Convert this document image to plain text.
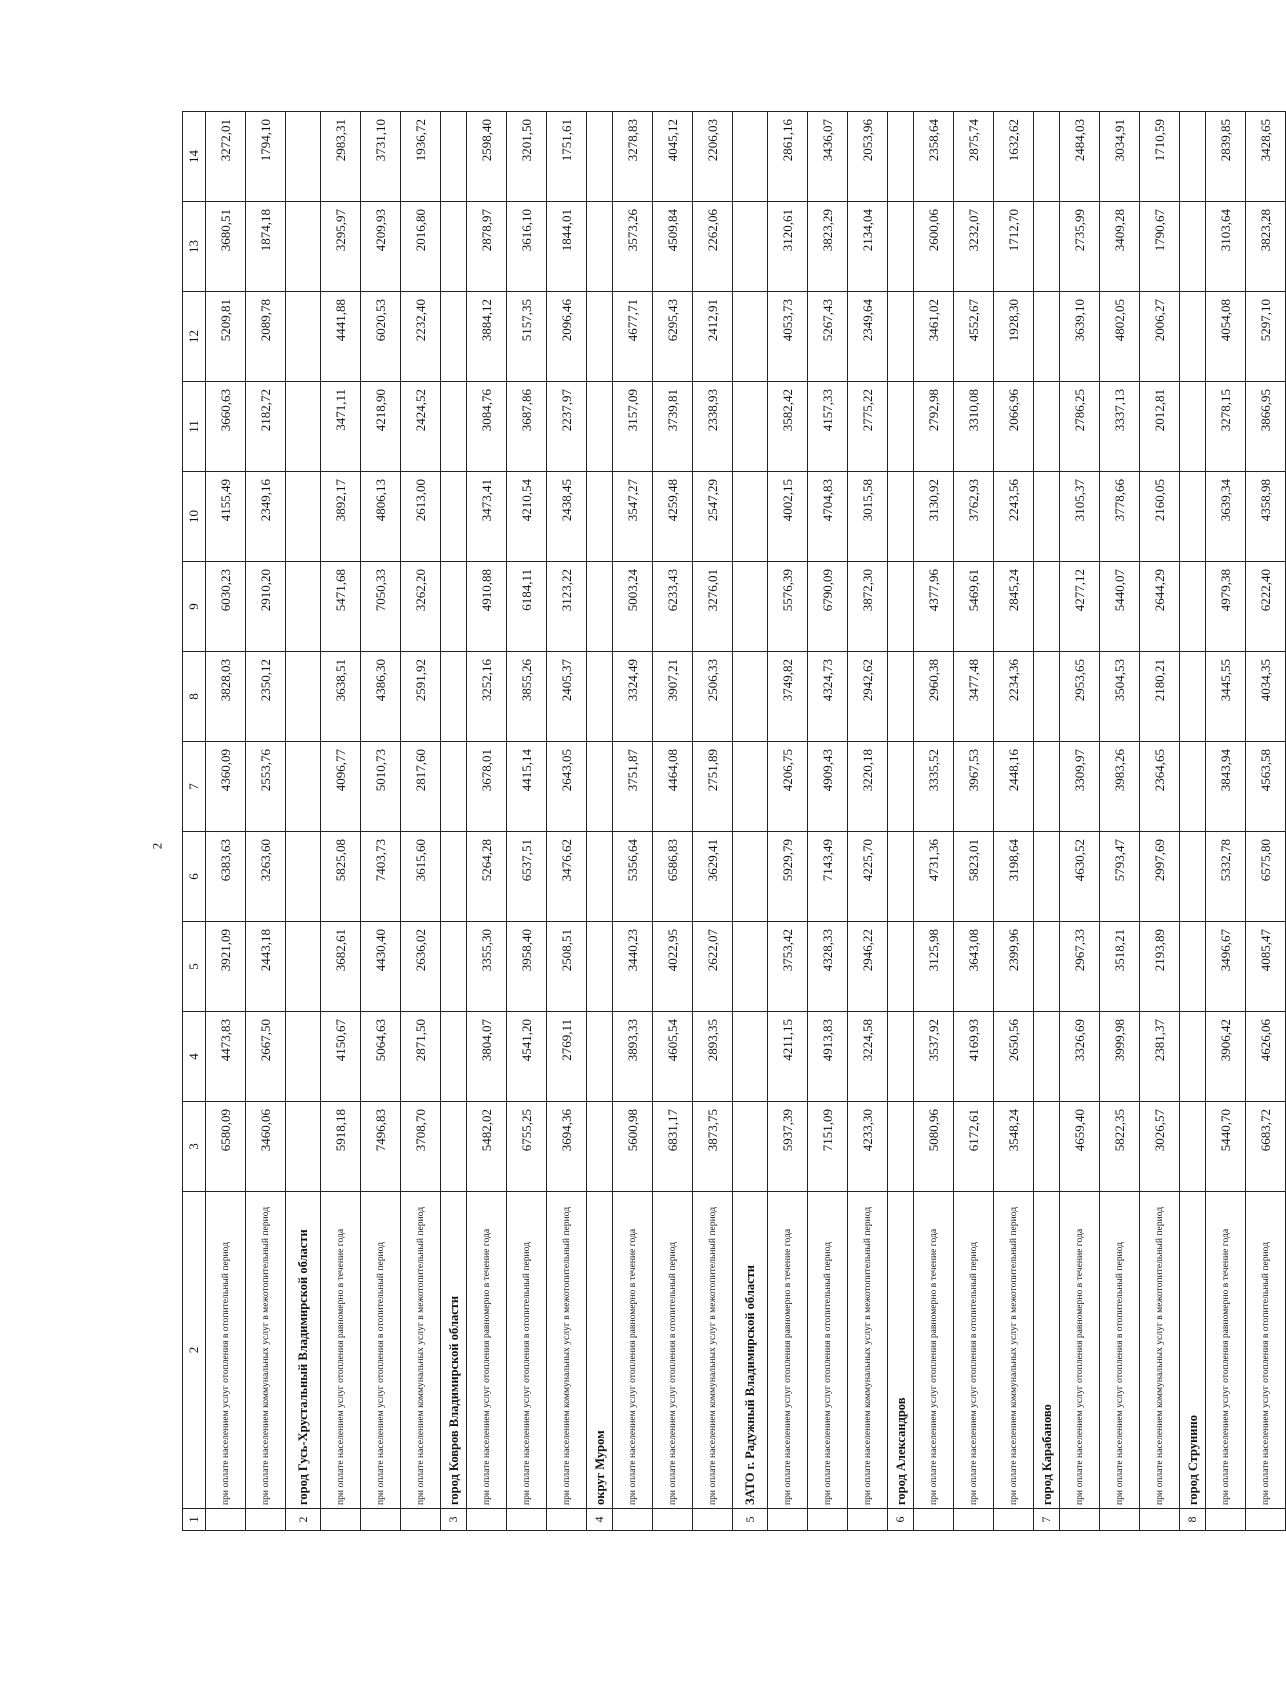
2
1	2	3	4	5	6	7	8	9	10	11	12	13	14
	при оплате населением услуг отопления в отопительный период	6580,09	4473,83	3921,09	6383,63	4360,09	3828,03	6030,23	4155,49	3660,63	5209,81	3680,51	3272,01
	при оплате населением коммунальных услуг в межотопительный период	3460,06	2667,50	2443,18	3263,60	2553,76	2350,12	2910,20	2349,16	2182,72	2089,78	1874,18	1794,10
2	город Гусь-Хрустальный Владимирской области												
	при оплате населением услуг отопления равномерно в течение года	5918,18	4150,67	3682,61	5825,08	4096,77	3638,51	5471,68	3892,17	3471,11	4441,88	3295,97	2983,31
	при оплате населением услуг отопления в отопительный период	7496,83	5064,63	4430,40	7403,73	5010,73	4386,30	7050,33	4806,13	4218,90	6020,53	4209,93	3731,10
	при оплате населением коммунальных услуг в межотопительный период	3708,70	2871,50	2636,02	3615,60	2817,60	2591,92	3262,20	2613,00	2424,52	2232,40	2016,80	1936,72
3	город Ковров Владимирской области												
	при оплате населением услуг отопления равномерно в течение года	5482,02	3804,07	3355,30	5264,28	3678,01	3252,16	4910,88	3473,41	3084,76	3884,12	2878,97	2598,40
	при оплате населением услуг отопления в отопительный период	6755,25	4541,20	3958,40	6537,51	4415,14	3855,26	6184,11	4210,54	3687,86	5157,35	3616,10	3201,50
	при оплате населением коммунальных услуг в межотопительный период	3694,36	2769,11	2508,51	3476,62	2643,05	2405,37	3123,22	2438,45	2237,97	2096,46	1844,01	1751,61
4	округ Муром												
	при оплате населением услуг отопления равномерно в течение года	5600,98	3893,33	3440,23	5356,64	3751,87	3324,49	5003,24	3547,27	3157,09	4677,71	3573,26	3278,83
	при оплате населением услуг отопления в отопительный период	6831,17	4605,54	4022,95	6586,83	4464,08	3907,21	6233,43	4259,48	3739,81	6295,43	4509,84	4045,12
	при оплате населением коммунальных услуг в межотопительный период	3873,75	2893,35	2622,07	3629,41	2751,89	2506,33	3276,01	2547,29	2338,93	2412,91	2262,06	2206,03
5	ЗАТО г. Радужный Владимирской области												
	при оплате населением услуг отопления равномерно в течение года	5937,39	4211,15	3753,42	5929,79	4206,75	3749,82	5576,39	4002,15	3582,42	4053,73	3120,61	2861,16
	при оплате населением услуг отопления в отопительный период	7151,09	4913,83	4328,33	7143,49	4909,43	4324,73	6790,09	4704,83	4157,33	5267,43	3823,29	3436,07
	при оплате населением коммунальных услуг в межотопительный период	4233,30	3224,58	2946,22	4225,70	3220,18	2942,62	3872,30	3015,58	2775,22	2349,64	2134,04	2053,96
6	город Александров												
	при оплате населением услуг отопления равномерно в течение года	5080,96	3537,92	3125,98	4731,36	3335,52	2960,38	4377,96	3130,92	2792,98	3461,02	2600,06	2358,64
	при оплате населением услуг отопления в отопительный период	6172,61	4169,93	3643,08	5823,01	3967,53	3477,48	5469,61	3762,93	3310,08	4552,67	3232,07	2875,74
	при оплате населением коммунальных услуг в межотопительный период	3548,24	2650,56	2399,96	3198,64	2448,16	2234,36	2845,24	2243,56	2066,96	1928,30	1712,70	1632,62
7	город Карабаново												
	при оплате населением услуг отопления равномерно в течение года	4659,40	3326,69	2967,33	4630,52	3309,97	2953,65	4277,12	3105,37	2786,25	3639,10	2735,99	2484,03
	при оплате населением услуг отопления в отопительный период	5822,35	3999,98	3518,21	5793,47	3983,26	3504,53	5440,07	3778,66	3337,13	4802,05	3409,28	3034,91
	при оплате населением коммунальных услуг в межотопительный период	3026,57	2381,37	2193,89	2997,69	2364,65	2180,21	2644,29	2160,05	2012,81	2006,27	1790,67	1710,59
8	город Струнино												
	при оплате населением услуг отопления равномерно в течение года	5440,70	3906,42	3496,67	5332,78	3843,94	3445,55	4979,38	3639,34	3278,15	4054,08	3103,64	2839,85
	при оплате населением услуг отопления в отопительный период	6683,72	4626,06	4085,47	6575,80	4563,58	4034,35	6222,40	4358,98	3866,95	5297,10	3823,28	3428,65
